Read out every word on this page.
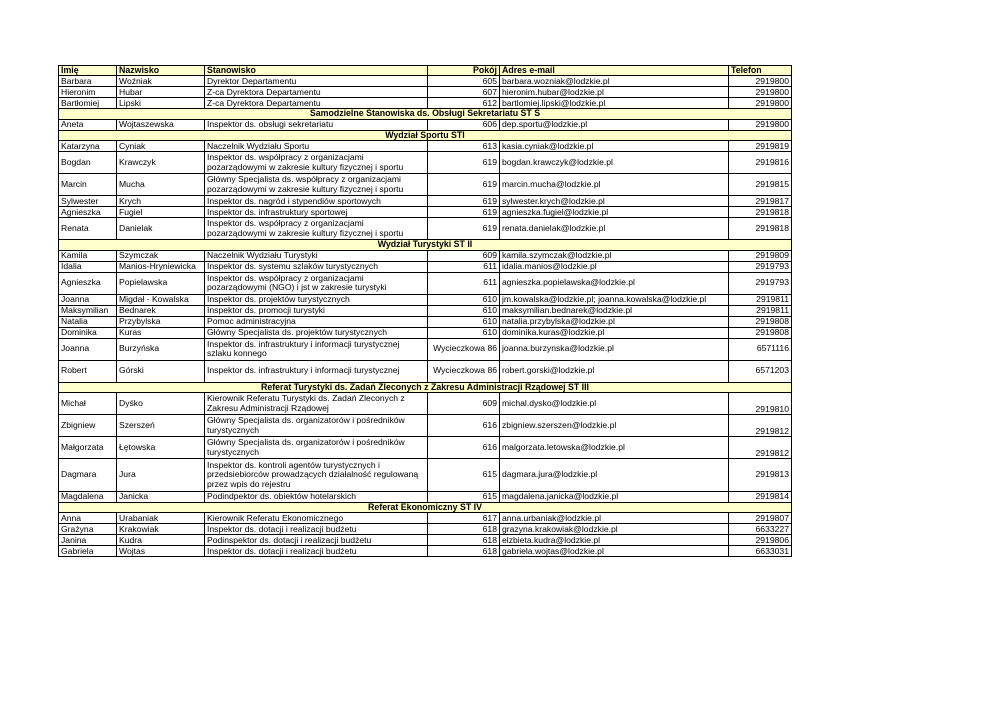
Imię	Nazwisko	Stanowisko	Pokój	Adres e-mail	Telefon
Barbara	Woźniak	Dyrektor Departamentu	605	barbara.wozniak@lodzkie.pl	2919800
Hieronim	Hubar	Z-ca Dyrektora Departamentu	607	hieronim.hubar@lodzkie.pl	2919800
Bartłomiej	Lipski	Z-ca Dyrektora Departamentu	612	bartlomiej.lipski@lodzkie.pl	2919800
Samodzielne Stanowiska ds. Obsługi Sekretariatu ST S					
Aneta	Wojtaszewska	Inspektor ds. obsługi sekretariatu	606	dep.sportu@lodzkie.pl	2919800
Wydział Sportu STI					
Katarzyna	Cyniak	Naczelnik Wydziału Sportu	613	kasia.cyniak@lodzkie.pl	2919819
Bogdan	Krawczyk	Inspektor ds. współpracy z organizacjami pozarządowymi w zakresie kultury fizycznej i sportu	619	bogdan.krawczyk@lodzkie.pl	2919816
Marcin	Mucha	Główny Specjalista ds. współpracy z organizacjami pozarządowymi w zakresie kultury fizycznej i sportu	619	marcin.mucha@lodzkie.pl	2919815
Sylwester	Krych	Inspektor ds. nagród i stypendiów sportowych	619	sylwester.krych@lodzkie.pl	2919817
Agnieszka	Fugiel	Inspektor ds. infrastruktury sportowej	619	agnieszka.fugiel@lodzkie.pl	2919818
Renata	Danielak	Inspektor ds. współpracy z organizacjami pozarządowymi w zakresie kultury fizycznej i sportu	619	renata.danielak@lodzkie.pl	2919818
Wydział Turystyki ST II					
Kamila	Szymczak	Naczelnik Wydziału Turystyki	609	kamila.szymczak@lodzkie.pl	2919809
Idalia	Manios-Hryniewicka	Inspektor ds. systemu szlaków turystycznych	611	idalia.manios@lodzkie.pl	2919793
Agnieszka	Popielawska	Inspektor ds. współpracy z organizacjami pozarządowymi (NGO) i jst w zakresie turystyki	611	agnieszka.popielawska@lodzkie.pl	2919793
Joanna	Migdał - Kowalska	Inspektor ds. projektów turystycznych	610	jm.kowalska@lodzkie.pl; joanna.kowalska@lodzkie.pl	2919811
Maksymilian	Bednarek	Inspektor ds. promocji turystyki	610	maksymilian.bednarek@lodzkie.pl	2919811
Natalia	Przybylska	Pomoc administracyjna	610	natalia.przybylska@lodzkie.pl	2919808
Dominika	Kuras	Główny Specjalista ds. projektów turystycznych	610	dominika.kuras@lodzkie.pl	2919808
Joanna	Burzyńska	Inspektor ds. infrastruktury i informacji turystycznej szlaku konnego	Wycieczkowa 86	joanna.burzynska@lodzkie.pl	6571116
Robert	Górski	Inspektor ds. infrastruktury i informacji turystycznej	Wycieczkowa 86	robert.gorski@lodzkie.pl	6571203
Referat Turystyki ds. Zadań Zleconych z Zakresu Administracji Rządowej ST III					
Michał	Dyśko	Kierownik Referatu Turystyki ds. Zadań Zleconych z Zakresu Administracji Rządowej	609	michal.dysko@lodzkie.pl	2919810
Zbigniew	Szerszeń	Główny Specjalista ds. organizatorów i pośredników turystycznych	616	zbigniew.szerszen@lodzkie.pl	2919812
Małgorzata	Łętowska	Główny Specjalista ds. organizatorów i pośredników turystycznych	616	malgorzata.letowska@lodzkie.pl	2919812
Dagmara	Jura	Inspektor ds. kontroli agentów turystycznych i przedsiebiorców prowadzących działalność regulowaną przez wpis do rejestru	615	dagmara.jura@lodzkie.pl	2919813
Magdalena	Janicka	Podindpektor ds. obiektów hotelarskich	615	magdalena.janicka@lodzkie.pl	2919814
Referat Ekonomiczny ST IV					
Anna	Urabaniak	Kierownik Referatu Ekonomicznego	617	anna.urbaniak@lodzkie.pl	2919807
Grażyna	Krakowiak	Inspektor ds. dotacji i realizacji budżetu	618	grazyna.krakowiak@lodzkie.pl	6633227
Janina	Kudra	Podinspektor ds. dotacji i realizacji budżetu	618	elzbieta.kudra@lodzkie.pl	2919806
Gabriela	Wojtas	Inspektor ds. dotacji i realizacji budżetu	618	gabriela.wojtas@lodzkie.pl	6633031
